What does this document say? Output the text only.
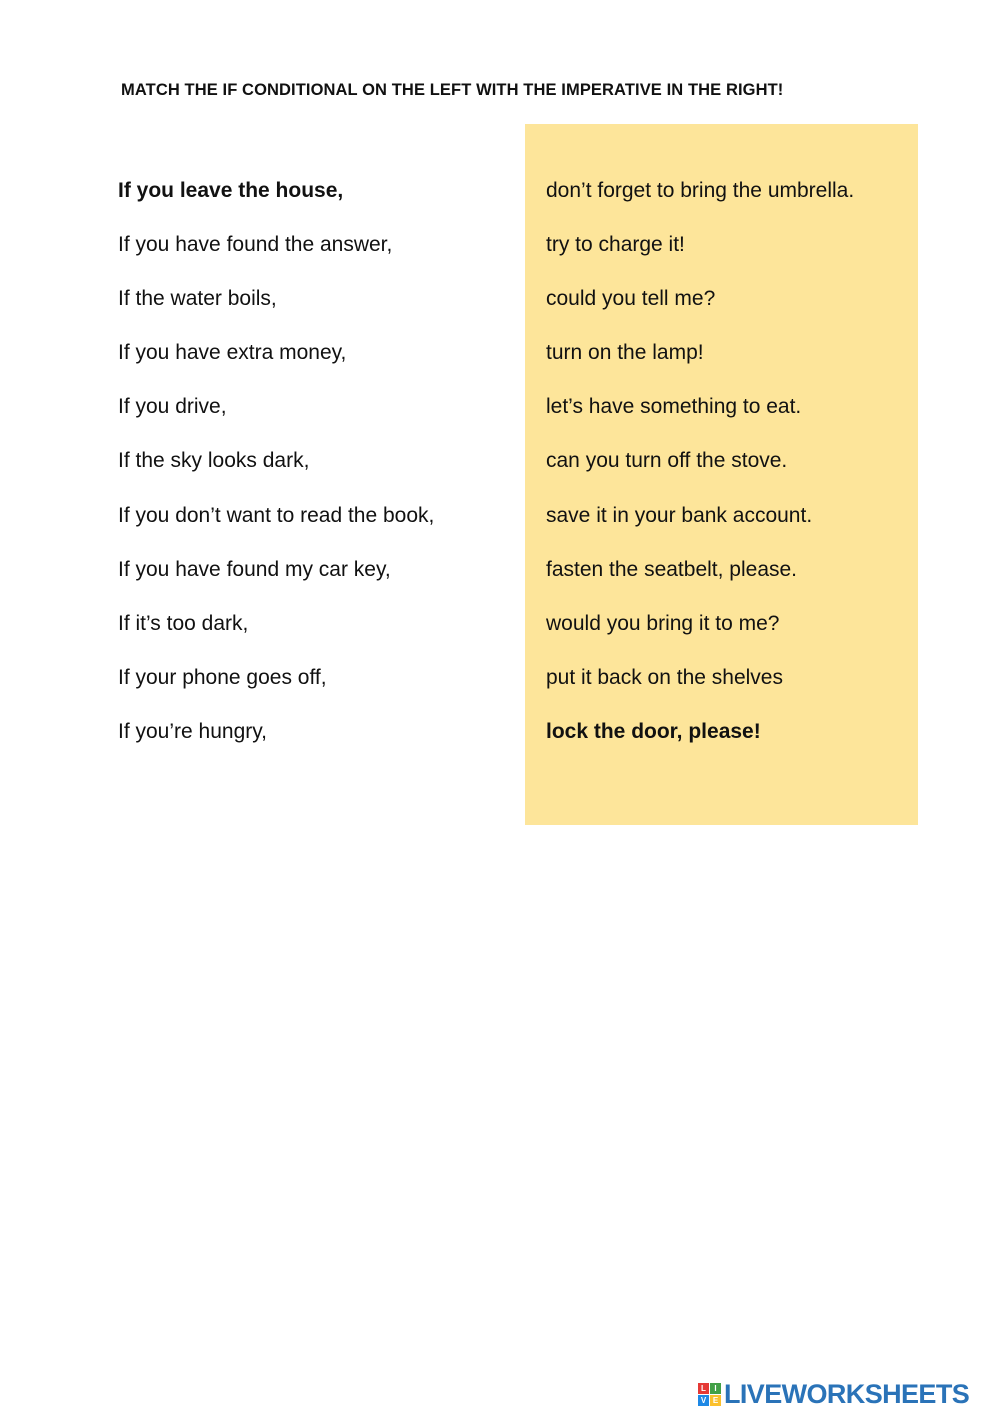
MATCH THE IF CONDITIONAL ON THE LEFT WITH THE IMPERATIVE IN THE RIGHT!
If you leave the house,
If you have found the answer,
If the water boils,
If you have extra money,
If you drive,
If the sky looks dark,
If you don’t want to read the book,
If you have found my car key,
If it’s too dark,
If your phone goes off,
If you’re hungry,
don’t forget to bring the umbrella.
try to charge it!
could you tell me?
turn on the lamp!
let’s have something to eat.
can you turn off the stove.
save it in your bank account.
fasten the seatbelt, please.
would you bring it to me?
put it back on the shelves
lock the door, please!
L	I
V E LIVEWORKSHEETS
